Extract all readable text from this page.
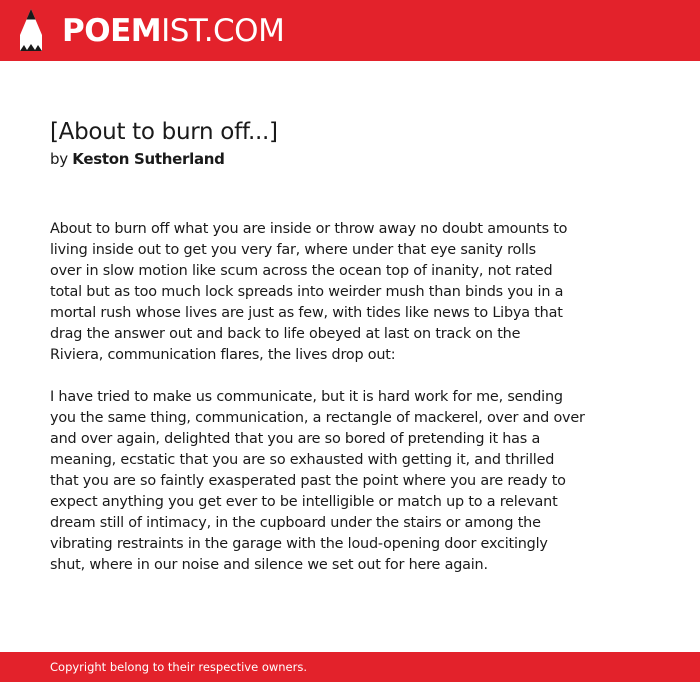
POEMIST.COM
[About to burn off...]

by Keston Sutherland

About to burn off what you are inside or throw away no doubt amounts to
living inside out to get you very far, where under that eye sanity rolls
over in slow motion like scum across the ocean top of inanity, not rated
total but as too much lock spreads into weirder mush than binds you in a
mortal rush whose lives are just as few, with tides like news to Libya that
drag the answer out and back to life obeyed at last on track on the
Riviera, communication flares, the lives drop out:

I have tried to make us communicate, but it is hard work for me, sending
you the same thing, communication, a rectangle of mackerel, over and over
and over again, delighted that you are so bored of pretending it has a
meaning, ecstatic that you are so exhausted with getting it, and thrilled
that you are so faintly exasperated past the point where you are ready to
expect anything you get ever to be intelligible or match up to a relevant
dream still of intimacy, in the cupboard under the stairs or among the
vibrating restraints in the garage with the loud-opening door excitingly
shut, where in our noise and silence we set out for here again.

Copyright belong to their respective owners.
